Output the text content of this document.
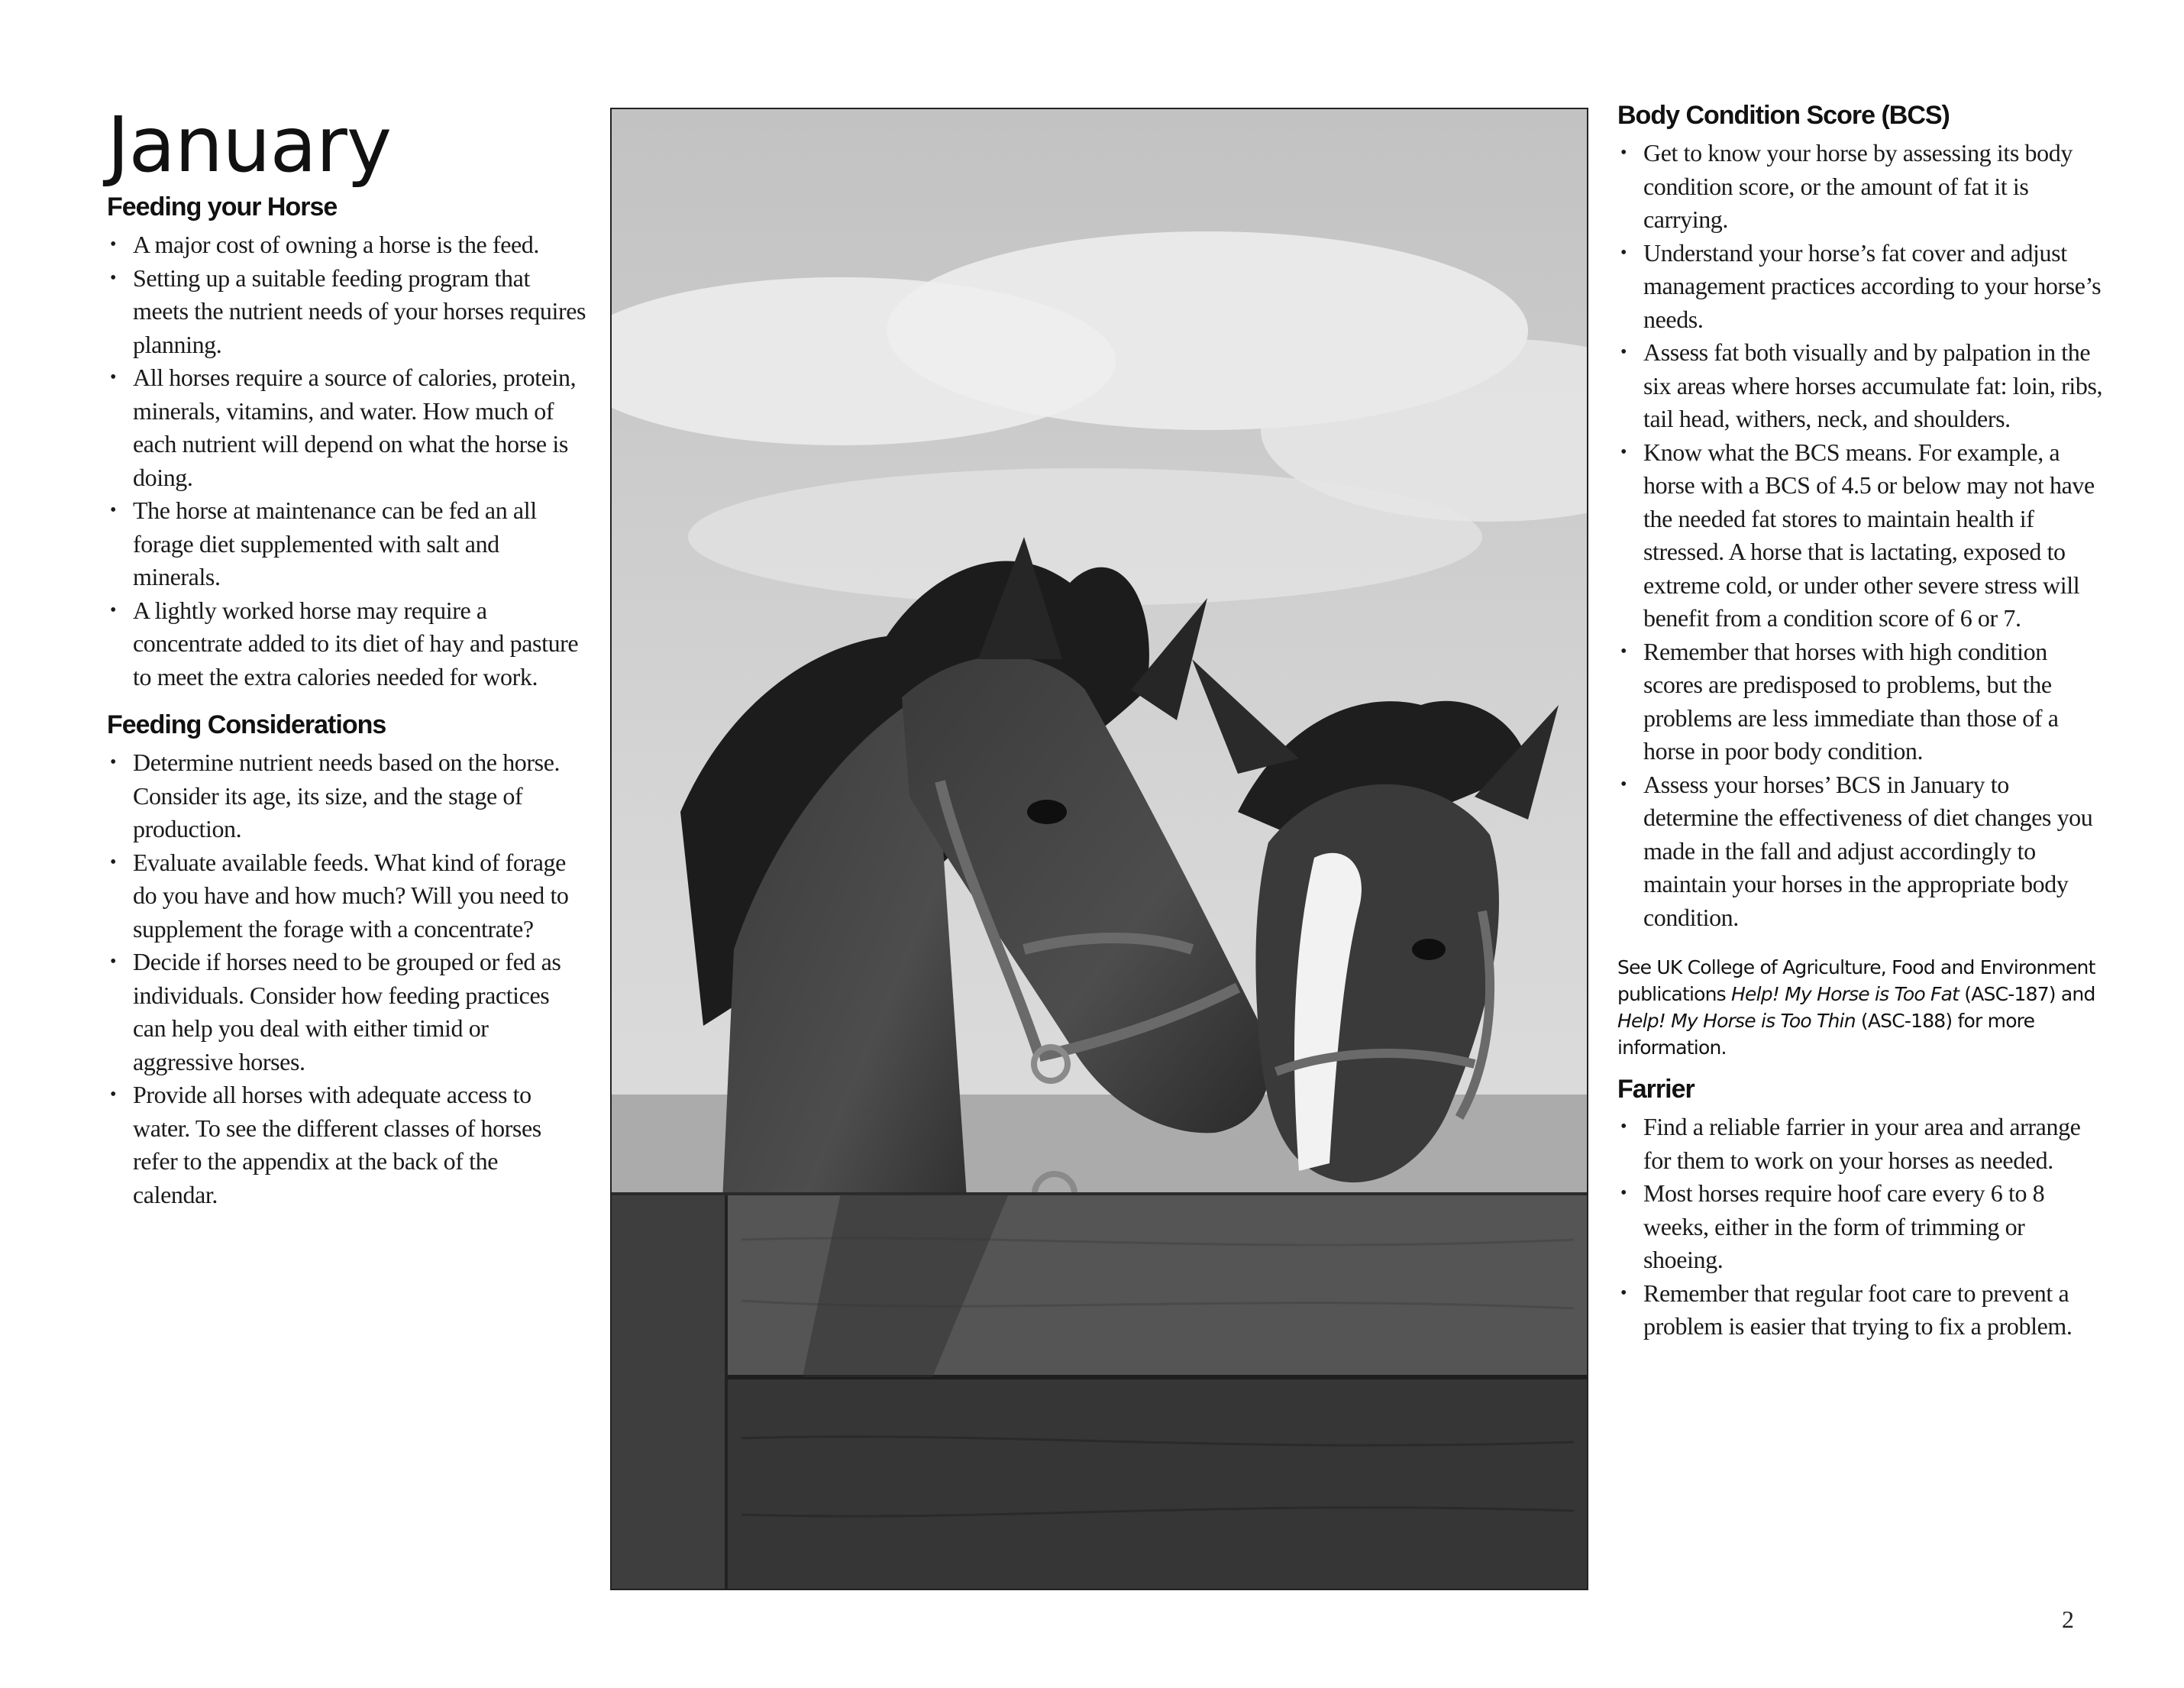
January
Feeding your Horse
• A major cost of owning a horse is the feed.
• Setting up a suitable feeding program that meets the nutrient needs of your horses requires planning.
• All horses require a source of calories, protein, minerals, vitamins, and water. How much of each nutrient will depend on what the horse is doing.
• The horse at maintenance can be fed an all forage diet supplemented with salt and minerals.
• A lightly worked horse may require a concentrate added to its diet of hay and pasture to meet the extra calories needed for work.
Feeding Considerations
• Determine nutrient needs based on the horse. Consider its age, its size, and the stage of production.
• Evaluate available feeds. What kind of forage do you have and how much? Will you need to supplement the forage with a concentrate?
• Decide if horses need to be grouped or fed as individuals. Consider how feeding practices can help you deal with either timid or aggressive horses.
• Provide all horses with adequate access to water. To see the different classes of horses refer to the appendix at the back of the calendar.
Body Condition Score (BCS)
• Get to know your horse by assessing its body condition score, or the amount of fat it is carrying.
• Understand your horse’s fat cover and adjust management practices according to your horse’s needs.
• Assess fat both visually and by palpation in the six areas where horses accumulate fat: loin, ribs, tail head, withers, neck, and shoulders.
• Know what the BCS means. For example, a horse with a BCS of 4.5 or below may not have the needed fat stores to maintain health if stressed. A horse that is lactating, exposed to extreme cold, or under other severe stress will benefit from a condition score of 6 or 7.
• Remember that horses with high condition scores are predisposed to problems, but the problems are less immediate than those of a horse in poor body condition.
• Assess your horses’ BCS in January to determine the effectiveness of diet changes you made in the fall and adjust accordingly to maintain your horses in the appropriate body condition.

See UK College of Agriculture, Food and Environment publications Help! My Horse is Too Fat (ASC-187) and Help! My Horse is Too Thin (ASC-188) for more information.

Farrier
• Find a reliable farrier in your area and arrange for them to work on your horses as needed.
• Most horses require hoof care every 6 to 8 weeks, either in the form of trimming or shoeing.
• Remember that regular foot care to prevent a problem is easier that trying to fix a problem.
2
